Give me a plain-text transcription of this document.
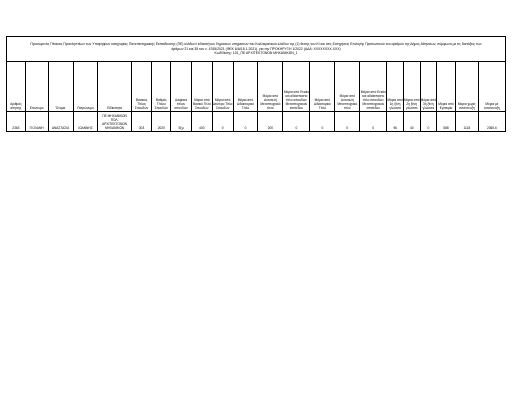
Προσωρινός Πίνακας Προσληπτέων των Υποψηφίων κατηγορίας Πανεπιστημιακής Εκπαίδευσης (ΠΕ) κλάδων/ ειδικοτήτων δημόσιων υπηρεσιών του Καλλικρατικού κλάδου της (1) θεσης του ΚΙ και στις Εισηγήσεις Επιλογής Προσωπικού του αριθμού της Δήμος Αθηναίων, σύμφωνα με τις διατάξεις των
άρθρων 21 και 35 του ν. 4765/2021 (ΦΕΚ 6/Α/15.1.2021), για την ΠΡΟΚΗΡΥΞΗ 1/2022 (ΑΔΑ: ΧΧΧΧΧΧΧΧ-ΧΧΧ)
ΚωδΘέσης: 101_ΠΕ ΑΡΧΙΤΕΚΤΟΝΩΝ ΜΗΧΑΝΙΚΩΝ_1																					

Αριθμός αίτησης	Επώνυμο	Όνομα	Πατρώνυμο	Ειδικότητα	Βασικός Τίτλος Σπουδών	Βαθμός Τίτλου Σπουδών	Διάρκεια τίτλου σπουδών	Μόρια από Βασικό Τίτλο Σπουδών	Μόρια από Δεύτερο Τίτλο Σπουδών	Μόρια από Διδακτορικό Τίτλο	Μόρια από Αυτοτελή Μεταπτυχιακό τίτλο	Μόρια από Ενιαίο και αδιάσπαστο τίτλο σπουδών Μεταπτυχιακού επιπέδου	Μόρια από Διδακτορικό Τίτλο	Μόρια από Αυτοτελή Μεταπτυχιακό τίτλο	Μόρια από Ενιαίο και αδιάσπαστο τίτλο σπουδών Μεταπτυχιακού επιπέδου	Μόρια από 1η ξένη γλώσσα	Μόρια από 2η ξένη γλώσσα	Μόρια από 3η ξένη γλώσσα	Μόρια από Εμπειρία	Μόρια χωρίς συνέντευξη	Μόρια με συνέντευξη
2363	ΓΙΟΛΑΝΗ	ΑΝΑΣΤΑΣΙΑ	ΙΩΑΝΝΗΣ	ΠΕ ΜΗΧΑΝΙΚΩΝ ΠΟΛ. ΑΡΧΙΤΕΚΤΟΝΩΝ ΜΗΧΑΝΙΚΩΝ	303	2020	5ξμ	400	0	0	200	0	0	0	0	96	40	0	588	1118	2365,6
